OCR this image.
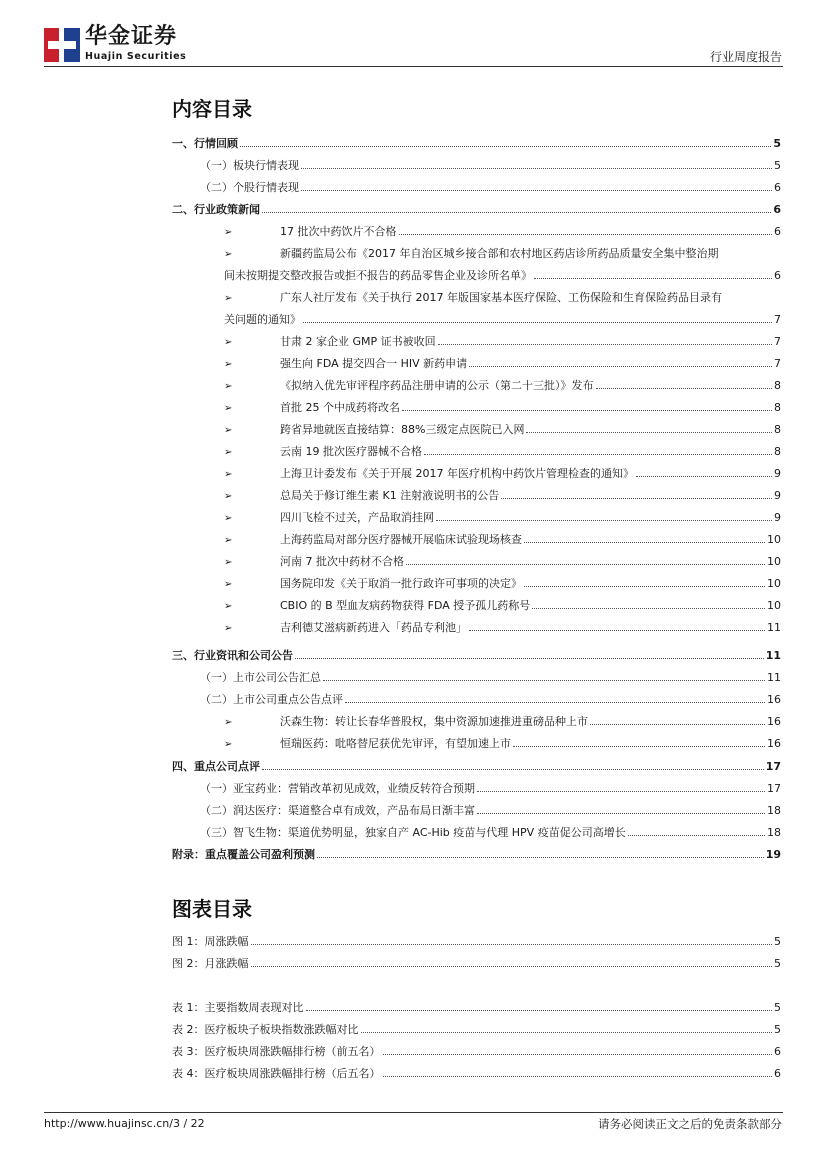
华金证券
Huajin Securities	行业周度报告
内容目录
一、行情回顾	5
（一）板块行情表现	5
（二）个股行情表现	6
二、行业政策新闻	6
➢	17 批次中药饮片不合格	6
➢	新疆药监局公布《2017 年自治区城乡接合部和农村地区药店诊所药品质量安全集中整治期
间未按期提交整改报告或拒不报告的药品零售企业及诊所名单》	6
➢	广东人社厅发布《关于执行 2017 年版国家基本医疗保险、工伤保险和生育保险药品目录有
关问题的通知》	7
➢	甘肃 2 家企业 GMP 证书被收回	7
➢	强生向 FDA 提交四合一 HIV 新药申请	7
➢	《拟纳入优先审评程序药品注册申请的公示（第二十三批）》发布	8
➢	首批 25 个中成药将改名	8
➢	跨省异地就医直接结算：88%三级定点医院已入网	8
➢	云南 19 批次医疗器械不合格	8
➢	上海卫计委发布《关于开展 2017 年医疗机构中药饮片管理检查的通知》	9
➢	总局关于修订维生素 K1 注射液说明书的公告	9
➢	四川飞检不过关，产品取消挂网	9
➢	上海药监局对部分医疗器械开展临床试验现场核查	10
➢	河南 7 批次中药材不合格	10
➢	国务院印发《关于取消一批行政许可事项的决定》	10
➢	CBIO 的 B 型血友病药物获得 FDA 授予孤儿药称号	10
➢	吉利德艾滋病新药进入「药品专利池」	11
三、行业资讯和公司公告	11
（一）上市公司公告汇总	11
（二）上市公司重点公告点评	16
➢	沃森生物：转让长春华普股权，集中资源加速推进重磅品种上市	16
➢	恒瑞医药：吡咯替尼获优先审评，有望加速上市	16
四、重点公司点评	17
（一）亚宝药业：营销改革初见成效，业绩反转符合预期	17
（二）润达医疗：渠道整合卓有成效，产品布局日渐丰富	18
（三）智飞生物：渠道优势明显，独家自产 AC-Hib 疫苗与代理 HPV 疫苗促公司高增长	18
附录：重点覆盖公司盈利预测	19
图表目录
图 1：周涨跌幅	5
图 2：月涨跌幅	5
表 1：主要指数周表现对比	5
表 2：医疗板块子板块指数涨跌幅对比	5
表 3：医疗板块周涨跌幅排行榜（前五名）	6
表 4：医疗板块周涨跌幅排行榜（后五名）	6
http://www.huajinsc.cn/3 / 22	请务必阅读正文之后的免责条款部分
